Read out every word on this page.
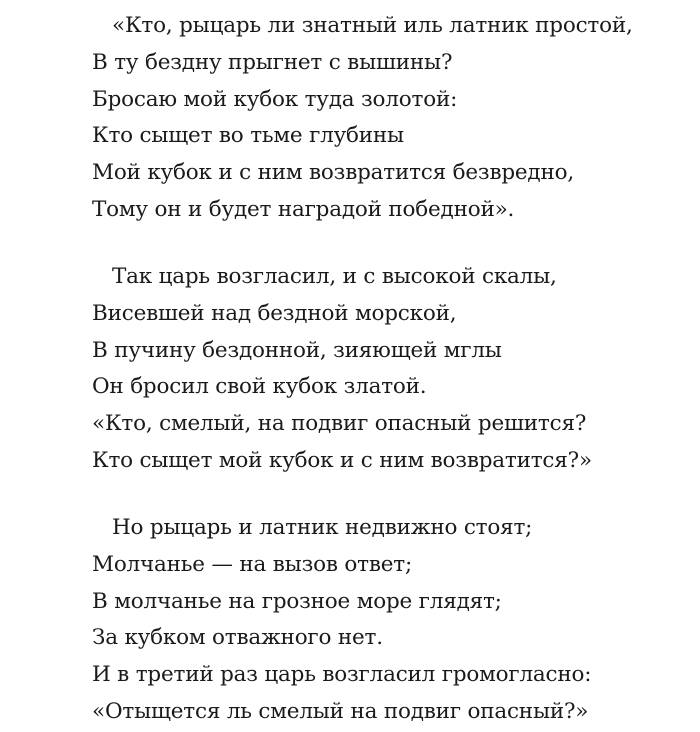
«Кто, рыцарь ли знатный иль латник простой,
В ту бездну прыгнет с вышины?
Бросаю мой кубок туда золотой:
Кто сыщет во тьме глубины
Мой кубок и с ним возвратится безвредно,
Тому он и будет наградой победной».
Так царь возгласил, и с высокой скалы,
Висевшей над бездной морской,
В пучину бездонной, зияющей мглы
Он бросил свой кубок златой.
«Кто, смелый, на подвиг опасный решится?
Кто сыщет мой кубок и с ним возвратится?»
Но рыцарь и латник недвижно стоят;
Молчанье — на вызов ответ;
В молчанье на грозное море глядят;
За кубком отважного нет.
И в третий раз царь возгласил громогласно:
«Отыщется ль смелый на подвиг опасный?»
